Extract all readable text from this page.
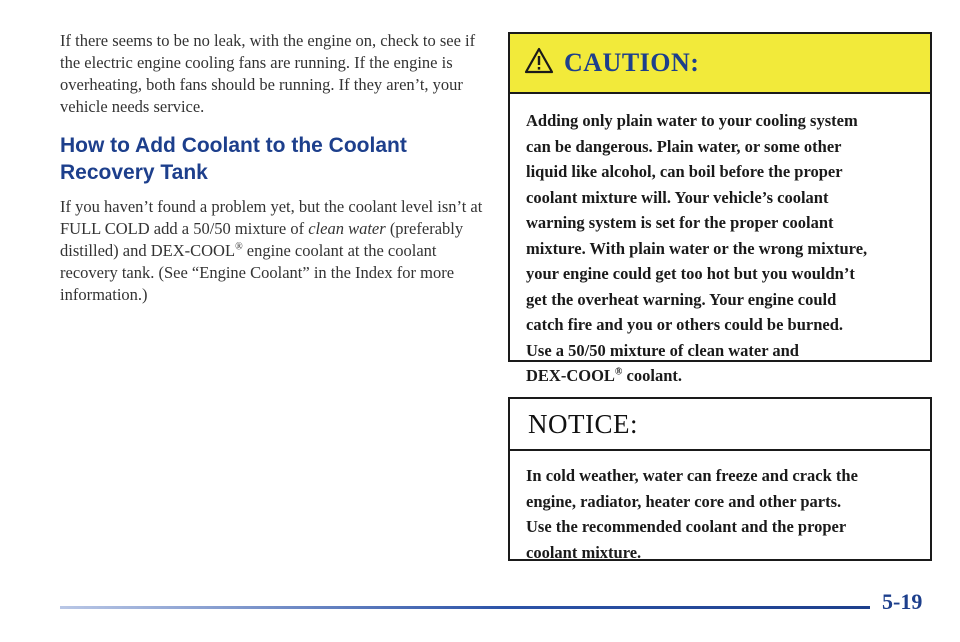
If there seems to be no leak, with the engine on, check to see if the electric engine cooling fans are running. If the engine is overheating, both fans should be running. If they aren’t, your vehicle needs service.

How to Add Coolant to the Coolant
Recovery Tank

If you haven’t found a problem yet, but the coolant level isn’t at FULL COLD add a 50/50 mixture of clean water (preferably distilled) and DEX-COOL® engine coolant at the coolant recovery tank. (See “Engine Coolant” in the Index for more information.)

CAUTION:
Adding only plain water to your cooling system
can be dangerous. Plain water, or some other
liquid like alcohol, can boil before the proper
coolant mixture will. Your vehicle’s coolant
warning system is set for the proper coolant
mixture. With plain water or the wrong mixture,
your engine could get too hot but you wouldn’t
get the overheat warning. Your engine could
catch fire and you or others could be burned.
Use a 50/50 mixture of clean water and
DEX-COOL® coolant.
NOTICE:
In cold weather, water can freeze and crack the
engine, radiator, heater core and other parts.
Use the recommended coolant and the proper
coolant mixture.
5-19
